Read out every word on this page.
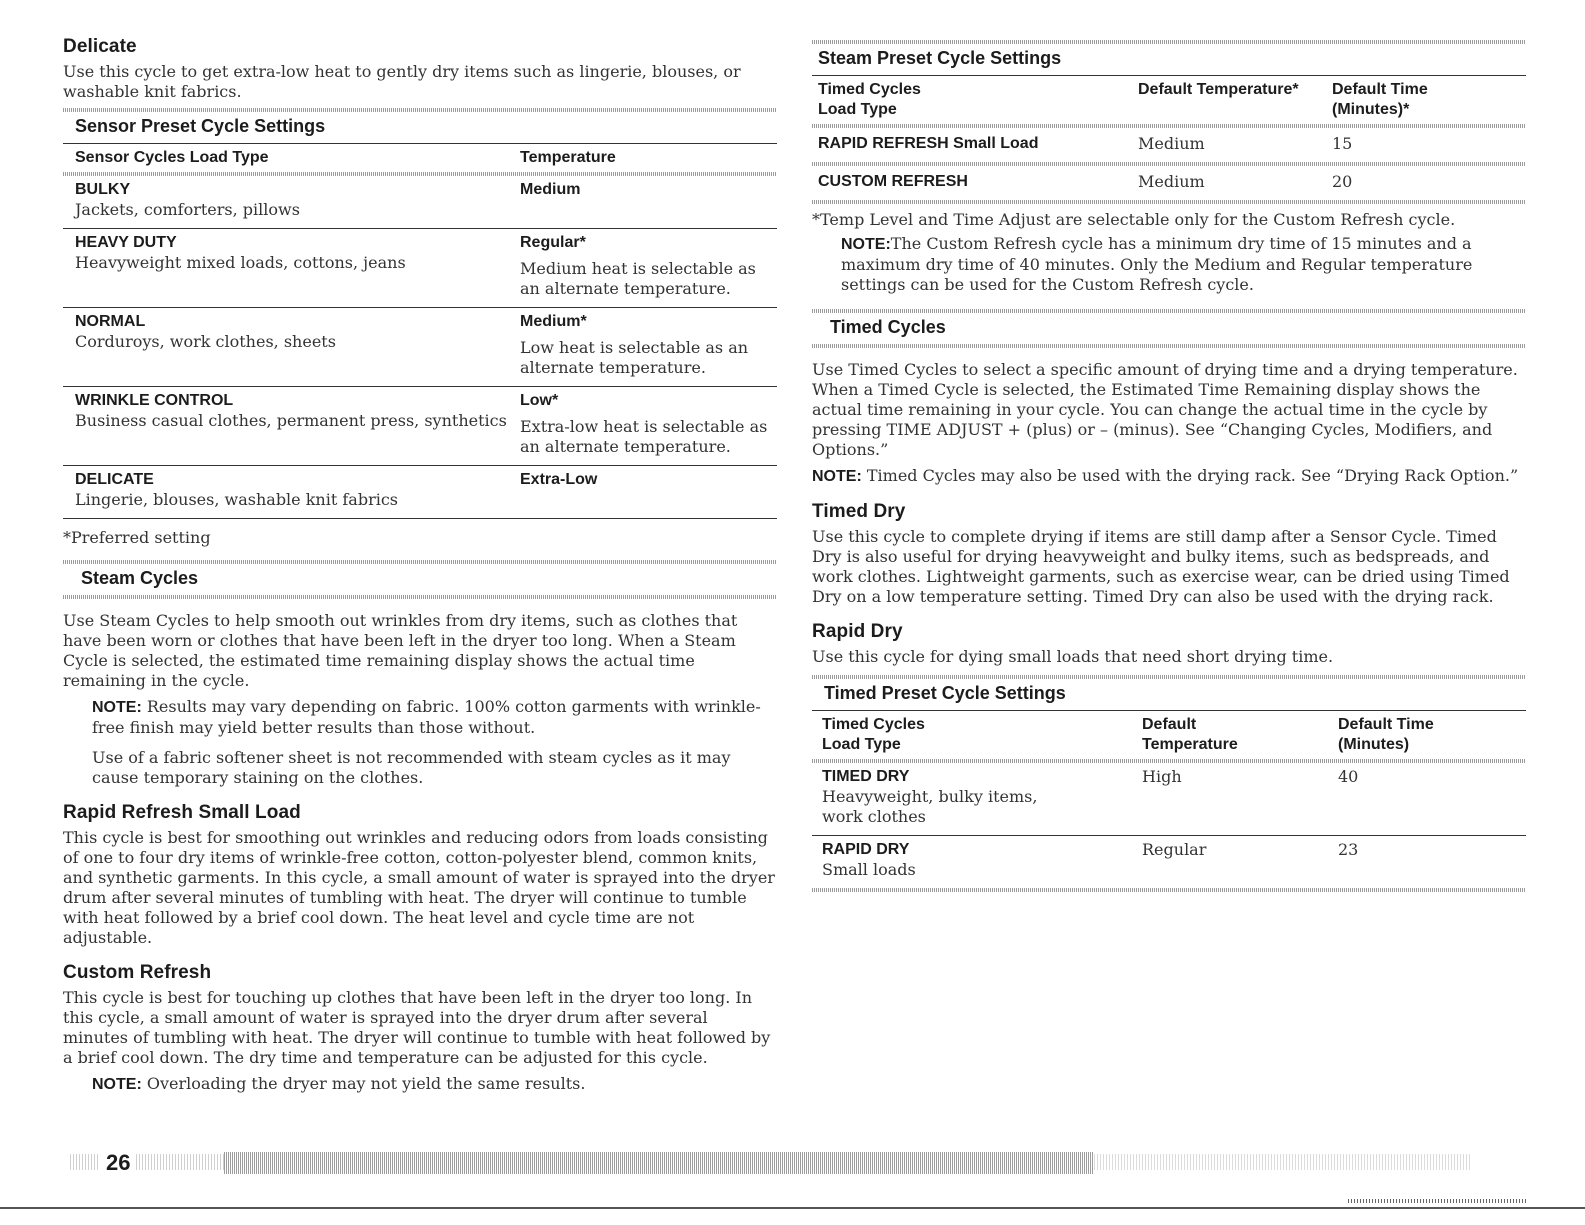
Delicate

Use this cycle to get extra-low heat to gently dry items such as lingerie, blouses, or washable knit fabrics.

Sensor Preset Cycle Settings
Sensor Cycles Load Type	Temperature

BULKY
Jackets, comforters, pillows	Medium

HEAVY DUTY
Heavyweight mixed loads, cottons, jeans	Regular*
Medium heat is selectable as an alternate temperature.

NORMAL
Corduroys, work clothes, sheets	Medium*
Low heat is selectable as an alternate temperature.

WRINKLE CONTROL
Business casual clothes, permanent press, synthetics	Low*
Extra-low heat is selectable as an alternate temperature.

DELICATE
Lingerie, blouses, washable knit fabrics	Extra-Low
*Preferred setting
Steam Cycles

Use Steam Cycles to help smooth out wrinkles from dry items, such as clothes that have been worn or clothes that have been left in the dryer too long. When a Steam Cycle is selected, the estimated time remaining display shows the actual time remaining in the cycle.

NOTE: Results may vary depending on fabric. 100% cotton garments with wrinkle-free finish may yield better results than those without.

Use of a fabric softener sheet is not recommended with steam cycles as it may cause temporary staining on the clothes.

Rapid Refresh Small Load

This cycle is best for smoothing out wrinkles and reducing odors from loads consisting of one to four dry items of wrinkle-free cotton, cotton-polyester blend, common knits, and synthetic garments. In this cycle, a small amount of water is sprayed into the dryer drum after several minutes of tumbling with heat. The dryer will continue to tumble with heat followed by a brief cool down. The heat level and cycle time are not adjustable.

Custom Refresh

This cycle is best for touching up clothes that have been left in the dryer too long. In this cycle, a small amount of water is sprayed into the dryer drum after several minutes of tumbling with heat. The dryer will continue to tumble with heat followed by a brief cool down. The dry time and temperature can be adjusted for this cycle.

NOTE: Overloading the dryer may not yield the same results.

Steam Preset Cycle Settings
Timed Cycles
Load Type	Default Temperature*	Default Time
(Minutes)*

RAPID REFRESH Small Load	Medium	15

CUSTOM REFRESH	Medium	20

*Temp Level and Time Adjust are selectable only for the Custom Refresh cycle.

NOTE:The Custom Refresh cycle has a minimum dry time of 15 minutes and a maximum dry time of 40 minutes. Only the Medium and Regular temperature settings can be used for the Custom Refresh cycle.

Timed Cycles

Use Timed Cycles to select a specific amount of drying time and a drying temperature. When a Timed Cycle is selected, the Estimated Time Remaining display shows the actual time remaining in your cycle. You can change the actual time in the cycle by pressing TIME ADJUST + (plus) or – (minus). See “Changing Cycles, Modifiers, and Options.”

NOTE: Timed Cycles may also be used with the drying rack. See “Drying Rack Option.”

Timed Dry

Use this cycle to complete drying if items are still damp after a Sensor Cycle. Timed Dry is also useful for drying heavyweight and bulky items, such as bedspreads, and work clothes. Lightweight garments, such as exercise wear, can be dried using Timed Dry on a low temperature setting. Timed Dry can also be used with the drying rack.

Rapid Dry

Use this cycle for dying small loads that need short drying time.

Timed Preset Cycle Settings
Timed Cycles
Load Type	Default
Temperature	Default Time
(Minutes)

TIMED DRY
Heavyweight, bulky items, work clothes	High	40

RAPID DRY
Small loads	Regular	23

26
